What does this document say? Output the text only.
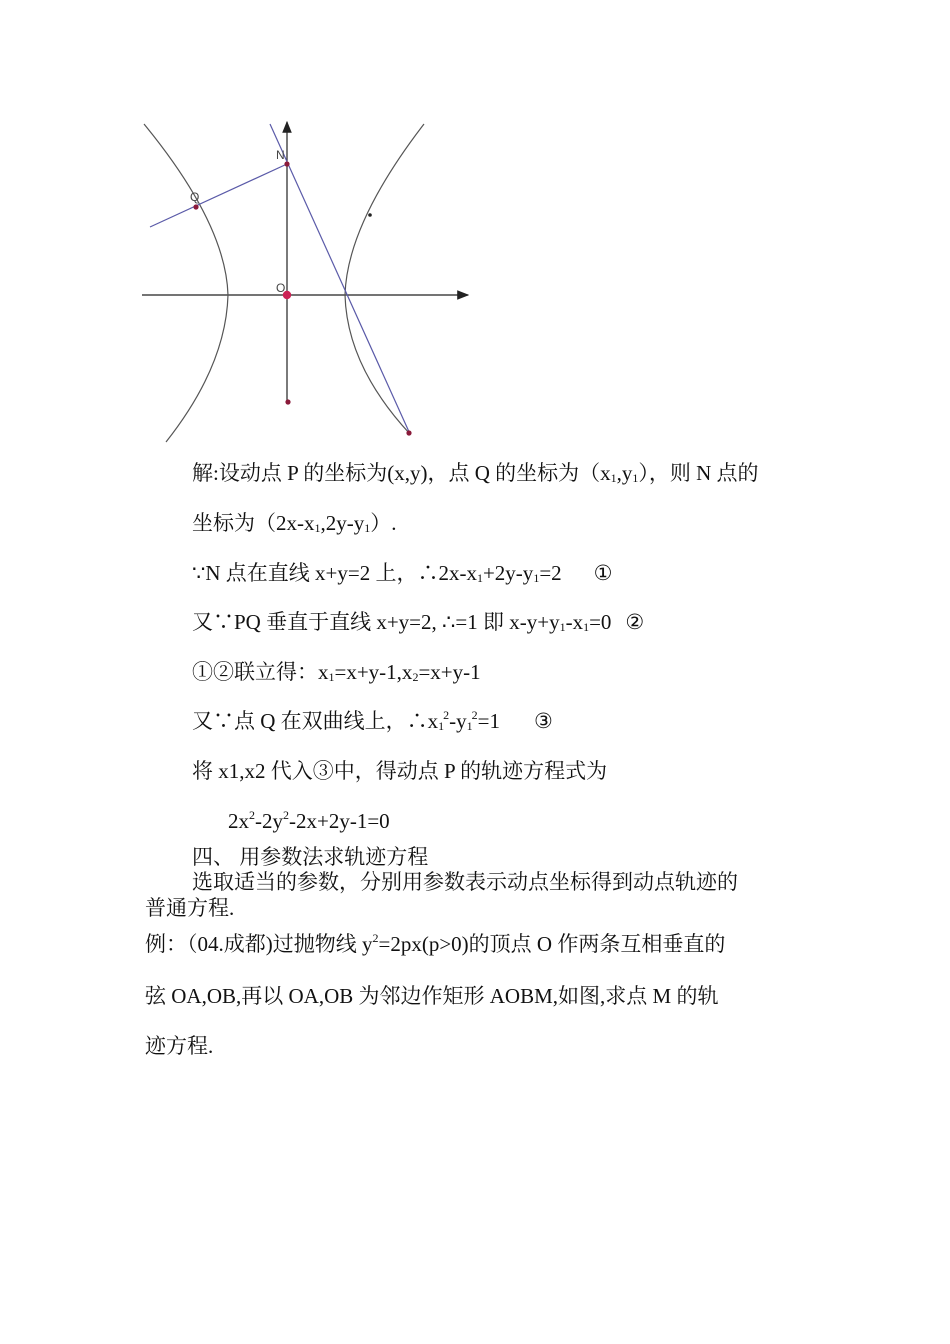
N
Q
O
解:设动点 P 的坐标为(x,y)，点 Q 的坐标为$(x_1,y_1)$，则 N 点的
坐标为$(2x-x_1,2y-y_1)$.
∵N 点在直线 x+y=2 上，$\therefore 2x-x_1+2y-y_1=2$ ①
又∵PQ 垂直于直线 x+y=2, ∴=1 即 $x-y+y_1-x_1=0$ ②
①②联立得：$x_1=x+y-1,x_2=x+y-1$
又∵点 Q 在双曲线上，$\therefore x_1^2-y_1^2=1$ ③
将 x1,x2 代入③中，得动点 P 的轨迹方程式为
$2x^2-2y^2-2x+2y-1=0$
四、 用参数法求轨迹方程
选取适当的参数，分别用参数表示动点坐标得到动点轨迹的
普通方程.
例：（04.成都)过抛物线 $y^2=2px(p>0)$的顶点 O 作两条互相垂直的
弦 OA,OB,再以 OA,OB 为邻边作矩形 AOBM,如图,求点 M 的轨
迹方程.
